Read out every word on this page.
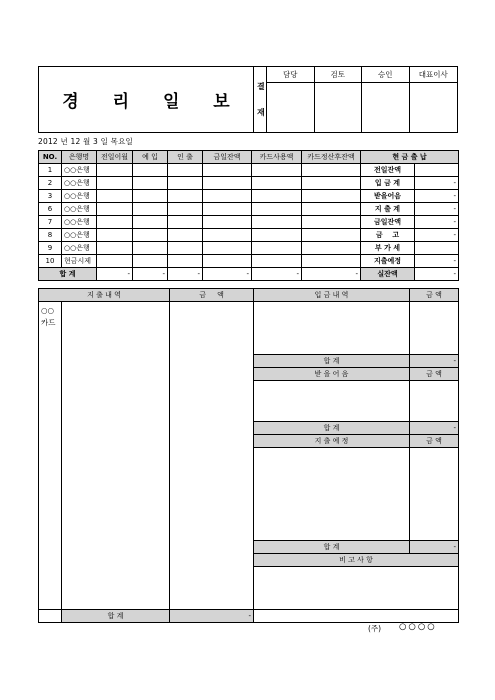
경 리 일 보
결
재
담당	검토	승인	대표이사
2012 년 12 월 3 일 목요일
NO.	은행명	전일이월	예 입	인 출	금일잔액	카드사용액	카드정산후잔액	현 금 출 납	
1	○○은행							전일잔액	
2	○○은행							입 금 계	-
3	○○은행							받을어음	-
6	○○은행							지 출 계	-
7	○○은행							금일잔액	-
8	○○은행							금    고	-
9	○○은행							부 가 세	
10	현금시제							지출예정	-
합 계		-	-	-	-	-	-	실잔액	-
지 출 내 역		금     액	입 금 내 역	금 액

○○
카드				

			합 계	-
			받 을 어 음	금 액

			합 계	-
			지 출 예 정	금 액

			합 계	-
			비 고 사 항	

	합 계	-		
(주) ○○○○
